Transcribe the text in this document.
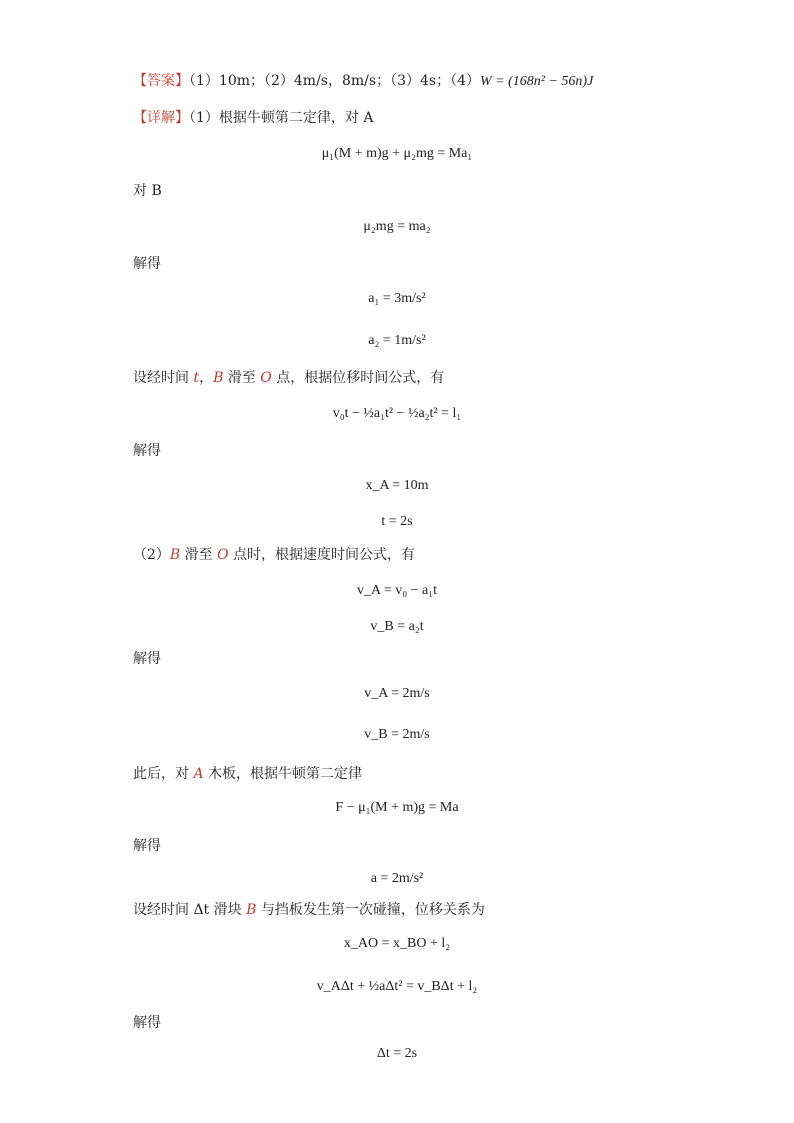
【答案】（1）10m；（2）4m/s，8m/s；（3）4s；（4）W = (168n² − 56n)J
【详解】（1）根据牛顿第二定律，对 A
μ₁(M + m)g + μ₂mg = Ma₁
对 B
μ₂mg = ma₂
解得
a₁ = 3m/s²
a₂ = 1m/s²
设经时间 t，B 滑至 O 点，根据位移时间公式，有
v₀t − ½a₁t² − ½a₂t² = l₁
解得
x_A = 10m
t = 2s
（2）B 滑至 O 点时，根据速度时间公式，有
v_A = v₀ − a₁t
v_B = a₂t
解得
v_A = 2m/s
v_B = 2m/s
此后，对 A 木板，根据牛顿第二定律
F − μ₁(M + m)g = Ma
解得
a = 2m/s²
设经时间 Δt 滑块 B 与挡板发生第一次碰撞，位移关系为
x_AO = x_BO + l₂
v_AΔt + ½aΔt² = v_BΔt + l₂
解得
Δt = 2s
